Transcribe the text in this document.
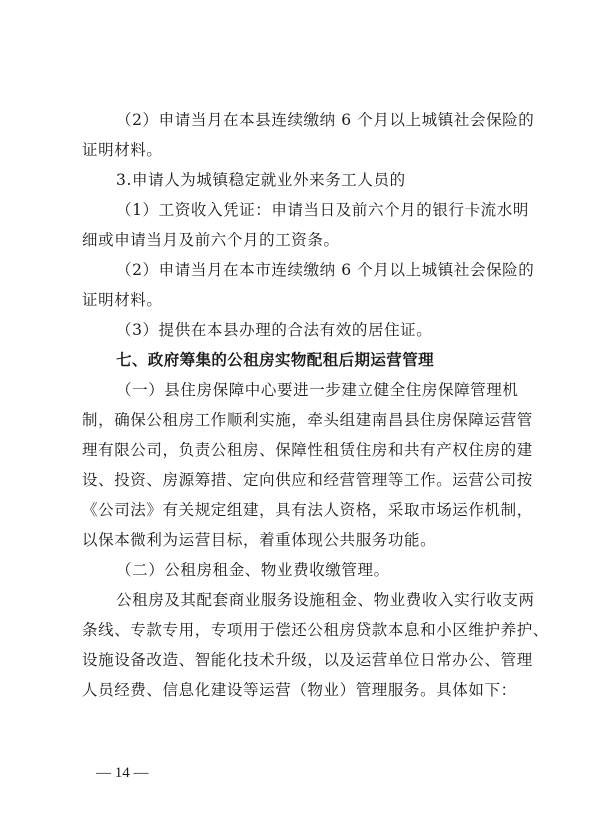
（2）申请当月在本县连续缴纳 6 个月以上城镇社会保险的
证明材料。
3.申请人为城镇稳定就业外来务工人员的
（1）工资收入凭证：申请当日及前六个月的银行卡流水明
细或申请当月及前六个月的工资条。
（2）申请当月在本市连续缴纳 6 个月以上城镇社会保险的
证明材料。
（3）提供在本县办理的合法有效的居住证。
七、政府筹集的公租房实物配租后期运营管理
（一）县住房保障中心要进一步建立健全住房保障管理机
制，确保公租房工作顺利实施，牵头组建南昌县住房保障运营管
理有限公司，负责公租房、保障性租赁住房和共有产权住房的建
设、投资、房源筹措、定向供应和经营管理等工作。运营公司按
《公司法》有关规定组建，具有法人资格，采取市场运作机制，
以保本微利为运营目标，着重体现公共服务功能。
（二）公租房租金、物业费收缴管理。
公租房及其配套商业服务设施租金、物业费收入实行收支两
条线、专款专用，专项用于偿还公租房贷款本息和小区维护养护、
设施设备改造、智能化技术升级，以及运营单位日常办公、管理
人员经费、信息化建设等运营（物业）管理服务。具体如下：
— 14 —
